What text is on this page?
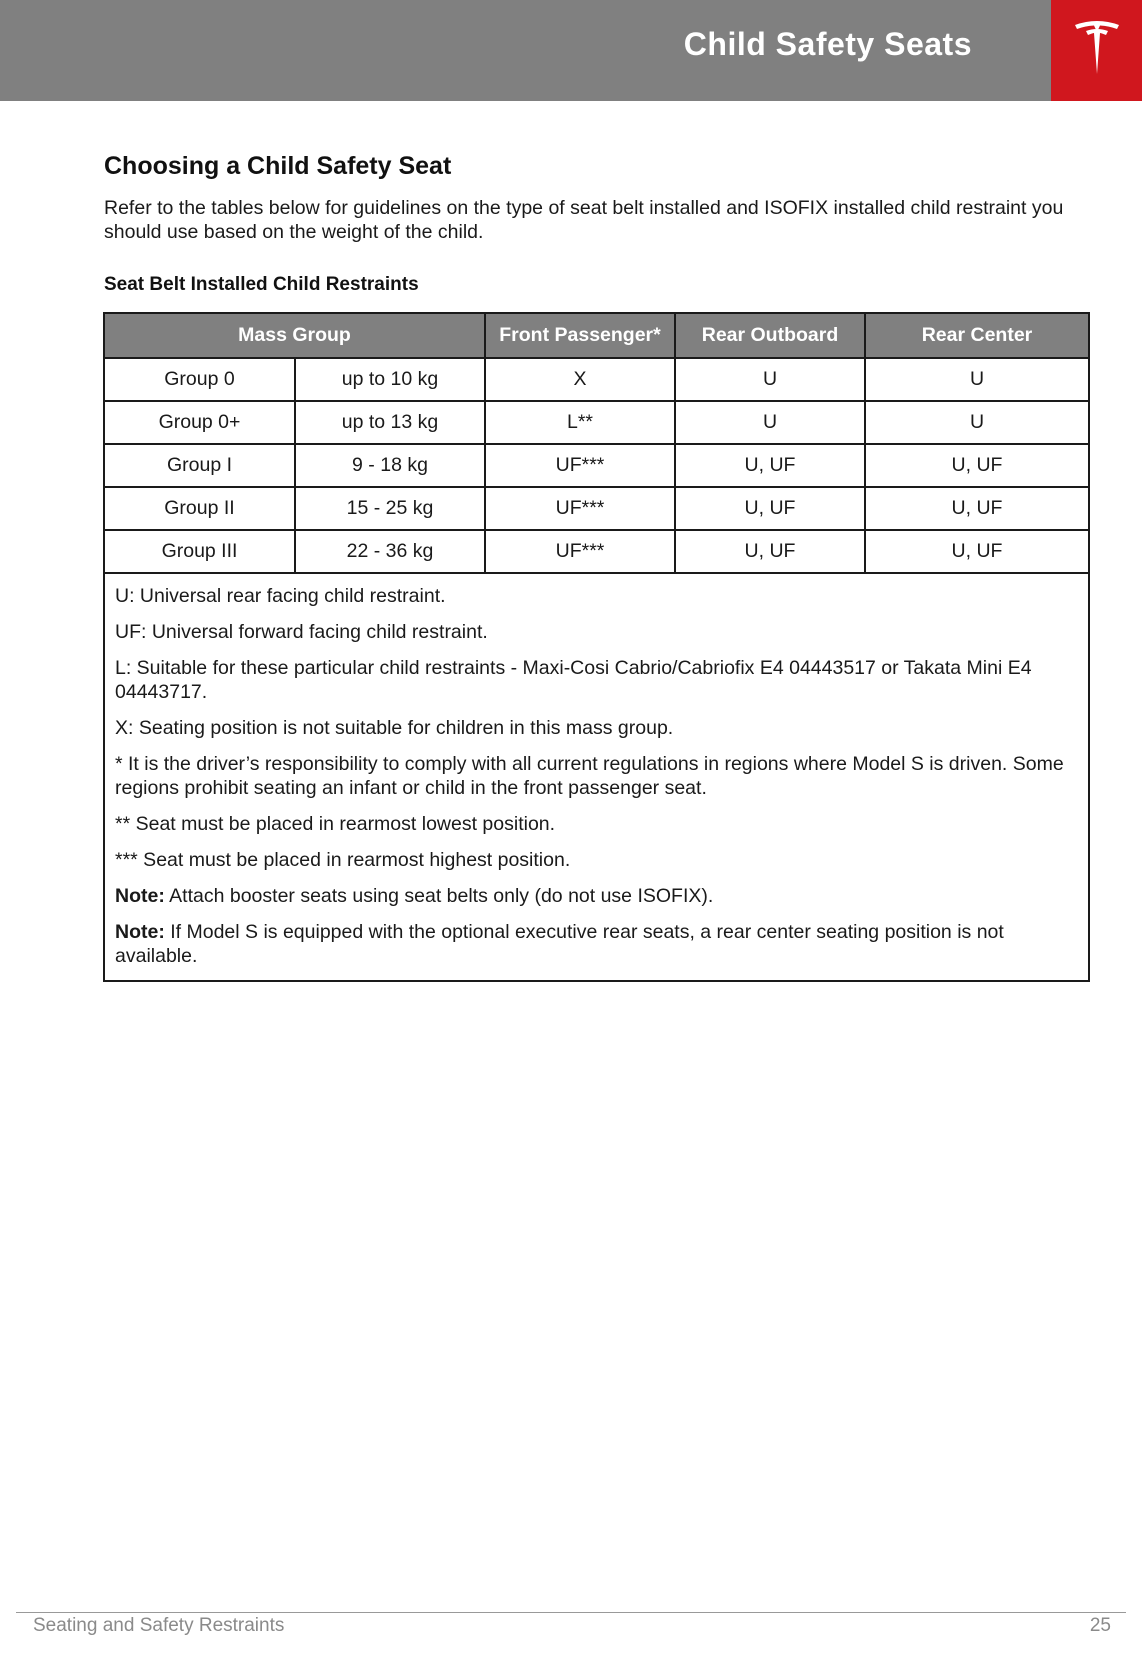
Child Safety Seats
Choosing a Child Safety Seat
Refer to the tables below for guidelines on the type of seat belt installed and ISOFIX installed child restraint you should use based on the weight of the child.
Seat Belt Installed Child Restraints
Mass Group		Front Passenger*	Rear Outboard	Rear Center
Group 0	up to 10 kg	X	U	U
Group 0+	up to 13 kg	L**	U	U
Group I	9 - 18 kg	UF***	U, UF	U, UF
Group II	15 - 25 kg	UF***	U, UF	U, UF
Group III	22 - 36 kg	UF***	U, UF	U, UF

U: Universal rear facing child restraint.

UF: Universal forward facing child restraint.

L: Suitable for these particular child restraints - Maxi-Cosi Cabrio/Cabriofix E4 04443517 or Takata Mini E4 04443717.

X: Seating position is not suitable for children in this mass group.

* It is the driver’s responsibility to comply with all current regulations in regions where Model S is driven. Some regions prohibit seating an infant or child in the front passenger seat.

** Seat must be placed in rearmost lowest position.

*** Seat must be placed in rearmost highest position.

Note: Attach booster seats using seat belts only (do not use ISOFIX).

Note: If Model S is equipped with the optional executive rear seats, a rear center seating position is not available.

Seating and Safety Restraints	25
